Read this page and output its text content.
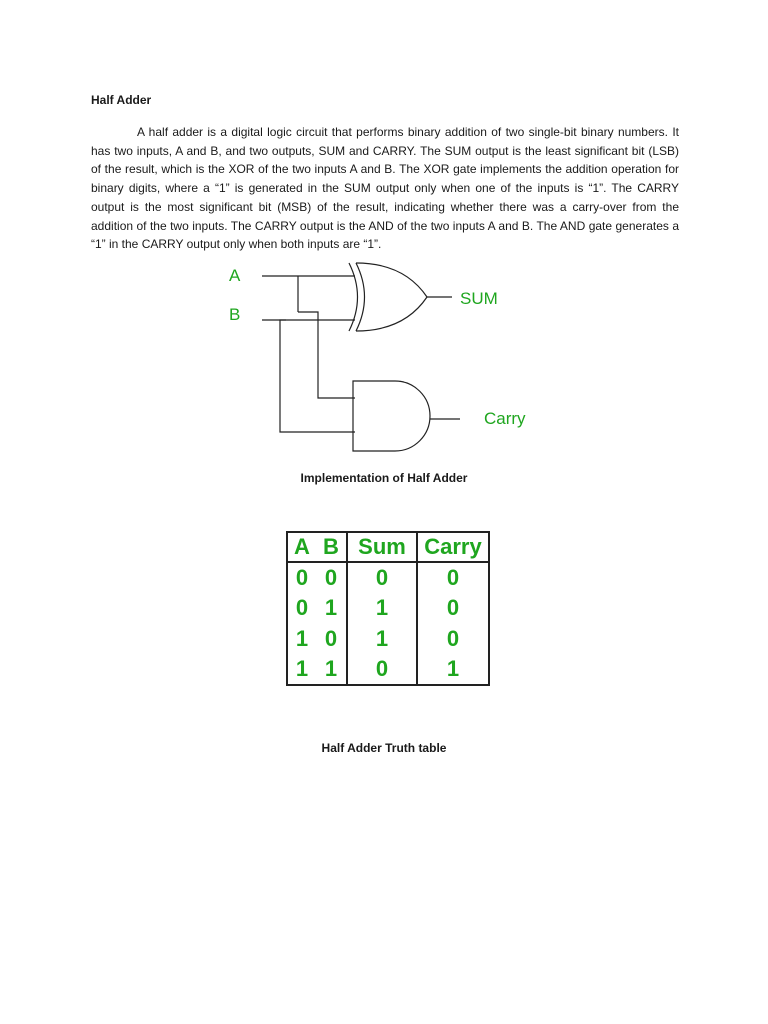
Half Adder

A half adder is a digital logic circuit that performs binary addition of two single-bit binary numbers. It has two inputs, A and B, and two outputs, SUM and CARRY. The SUM output is the least significant bit (LSB) of the result, which is the XOR of the two inputs A and B. The XOR gate implements the addition operation for binary digits, where a “1” is generated in the SUM output only when one of the inputs is “1”. The CARRY output is the most significant bit (MSB) of the result, indicating whether there was a carry-over from the addition of the two inputs. The CARRY output is the AND of the two inputs A and B. The AND gate generates a “1” in the CARRY output only when both inputs are “1”.

A
B
SUM
Carry

Implementation of Half Adder

A	B	Sum	Carry
0	0	0	0
0	1	1	0
1	0	1	0
1	1	0	1

Half Adder Truth table
